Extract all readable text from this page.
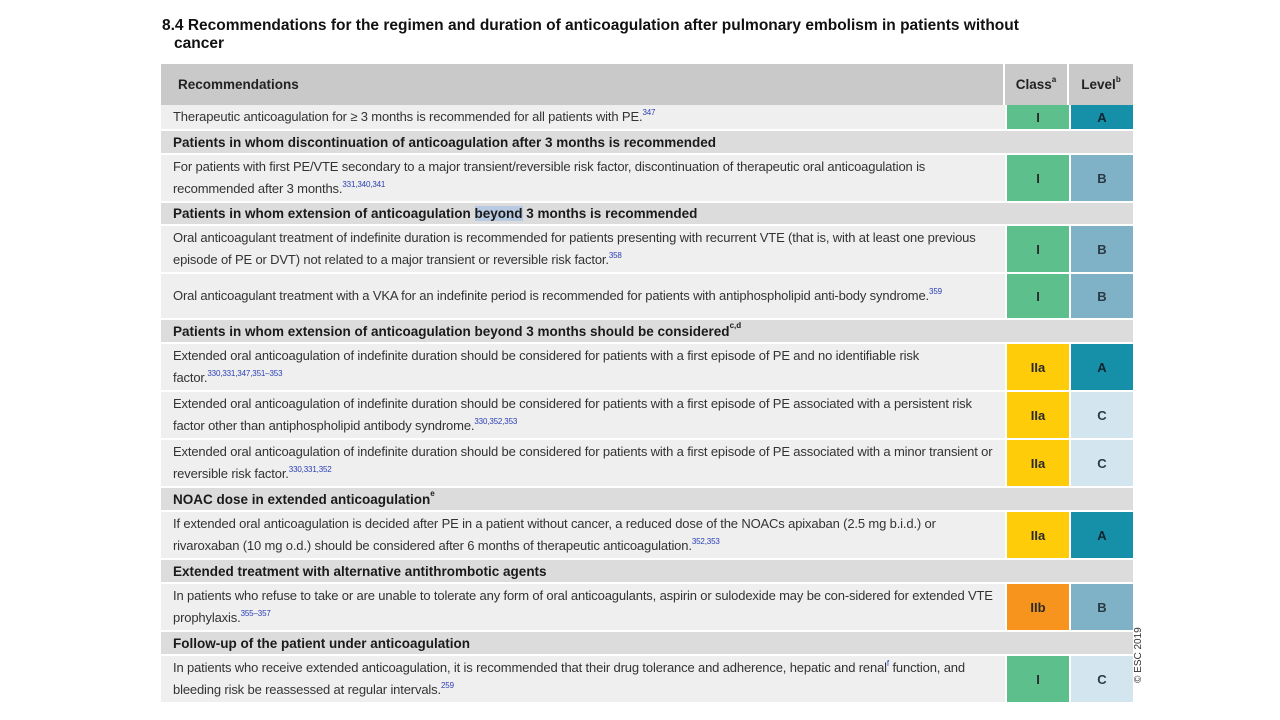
8.4 Recommendations for the regimen and duration of anticoagulation after pulmonary embolism in patients without
cancer
Recommendations	Class$^a$	Level$^b$
Therapeutic anticoagulation for ≥ 3 months is recommended for all patients with PE.$^{347}$	I	A
Patients in whom discontinuation of anticoagulation after 3 months is recommended		
For patients with first PE/VTE secondary to a major transient/reversible risk factor, discontinuation of therapeutic oral anticoagulation is recommended after 3 months.$^{331,340,341}$	I	B
Patients in whom extension of anticoagulation beyond 3 months is recommended		
Oral anticoagulant treatment of indefinite duration is recommended for patients presenting with recurrent VTE (that is, with at least one previous episode of PE or DVT) not related to a major transient or reversible risk factor.$^{358}$	I	B
Oral anticoagulant treatment with a VKA for an indefinite period is recommended for patients with antiphospholipid anti-body syndrome.$^{359}$	I	B
Patients in whom extension of anticoagulation beyond 3 months should be considered$^{c,d}$
Extended oral anticoagulation of indefinite duration should be considered for patients with a first episode of PE and no identifiable risk factor.$^{330,331,347,351-353}$	IIa	A
Extended oral anticoagulation of indefinite duration should be considered for patients with a first episode of PE associated with a persistent risk factor other than antiphospholipid antibody syndrome.$^{330,352,353}$	IIa	C
Extended oral anticoagulation of indefinite duration should be considered for patients with a first episode of PE associated with a minor transient or reversible risk factor.$^{330,331,352}$	IIa	C
NOAC dose in extended anticoagulation$^e$
If extended oral anticoagulation is decided after PE in a patient without cancer, a reduced dose of the NOACs apixaban (2.5 mg b.i.d.) or rivaroxaban (10 mg o.d.) should be considered after 6 months of therapeutic anticoagulation.$^{352,353}$	IIa	A
Extended treatment with alternative antithrombotic agents		
In patients who refuse to take or are unable to tolerate any form of oral anticoagulants, aspirin or sulodexide may be con-sidered for extended VTE prophylaxis.$^{355-357}$	IIb	B
Follow-up of the patient under anticoagulation		
In patients who receive extended anticoagulation, it is recommended that their drug tolerance and adherence, hepatic and renal$^f$ function, and bleeding risk be reassessed at regular intervals.$^{259}$	I	C	© ESC 2019
